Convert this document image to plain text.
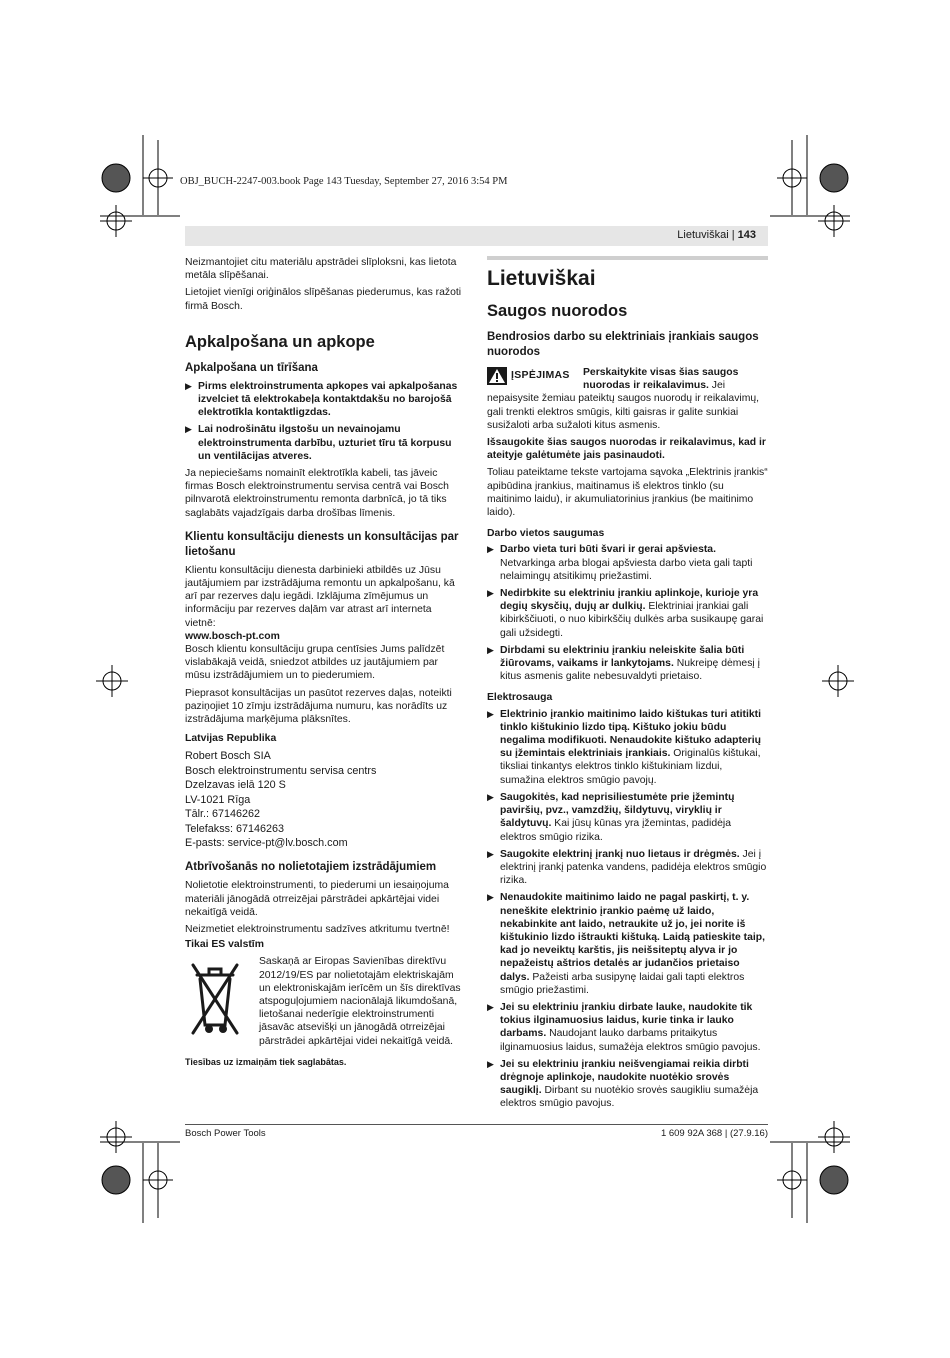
OBJ_BUCH-2247-003.book Page 143 Tuesday, September 27, 2016 3:54 PM
Lietuviškai | 143

Neizmantojiet citu materiālu apstrādei slīploksni, kas lietota metāla slīpēšanai.

Lietojiet vienīgi oriģinālos slīpēšanas piederumus, kas ražoti firmā Bosch.

Apkalpošana un apkope
Apkalpošana un tīrīšana
▶ Pirms elektroinstrumenta apkopes vai apkalpošanas izvelciet tā elektrokabeļa kontaktdakšu no barojošā elektrotīkla kontaktligzdas.
▶ Lai nodrošinātu ilgstošu un nevainojamu elektroinstrumenta darbību, uzturiet tīru tā korpusu un ventilācijas atveres.

Ja nepieciešams nomainīt elektrotīkla kabeli, tas jāveic firmas Bosch elektroinstrumentu servisa centrā vai Bosch pilnvarotā elektroinstrumentu remonta darbnīcā, jo tā tiks saglabāts vajadzīgais darba drošības līmenis.

Klientu konsultāciju dienests un konsultācijas par lietošanu

Klientu konsultāciju dienesta darbinieki atbildēs uz Jūsu jautājumiem par izstrādājuma remontu un apkalpošanu, kā arī par rezerves daļu iegādi. Izklājuma zīmējumus un informāciju par rezerves daļām var atrast arī interneta vietnē:

www.bosch-pt.com

Bosch klientu konsultāciju grupa centīsies Jums palīdzēt vislabākajā veidā, sniedzot atbildes uz jautājumiem par mūsu izstrādājumiem un to piederumiem.

Pieprasot konsultācijas un pasūtot rezerves daļas, noteikti paziņojiet 10 zīmju izstrādājuma numuru, kas norādīts uz izstrādājuma marķējuma plāksnītes.

Latvijas Republika
Robert Bosch SIA
Bosch elektroinstrumentu servisa centrs
Dzelzavas ielā 120 S
LV-1021 Rīga
Tālr.: 67146262
Telefakss: 67146263
E-pasts: service-pt@lv.bosch.com
Atbrīvošanās no nolietotajiem izstrādājumiem

Nolietotie elektroinstrumenti, to piederumi un iesaiņojuma materiāli jānogādā otrreizējai pārstrādei apkārtējai videi nekaitīgā veidā.

Neizmetiet elektroinstrumentu sadzīves atkritumu tvertnē!

Tikai ES valstīm

Saskaņā ar Eiropas Savienības direktīvu 2012/19/ES par nolietotajām elektriskajām un elektroniskajām ierīcēm un šīs direktīvas atspoguļojumiem nacionālajā likumdošanā, lietošanai nederīgie elektroinstrumenti jāsavāc atsevišķi un jānogādā otrreizējai pārstrādei apkārtējai videi nekaitīgā veidā.

Tiesības uz izmaiņām tiek saglabātas.

Lietuviškai
Saugos nuorodos
Bendrosios darbo su elektriniais įrankiais saugos nuorodos
ĮSPĖJIMAS	Perskaitykite visas šias saugos nuorodas ir reikalavimus. Jei nepaisysite žemiau pateiktų saugos nuorodų ir reikalavimų, gali trenkti elektros smūgis, kilti gaisras ir galite sunkiai susižaloti arba sužaloti kitus asmenis.

Išsaugokite šias saugos nuorodas ir reikalavimus, kad ir ateityje galėtumėte jais pasinaudoti.

Toliau pateiktame tekste vartojama sąvoka „Elektrinis įrankis“ apibūdina įrankius, maitinamus iš elektros tinklo (su maitinimo laidu), ir akumuliatorinius įrankius (be maitinimo laido).

Darbo vietos saugumas
▶ Darbo vieta turi būti švari ir gerai apšviesta. Netvarkinga arba blogai apšviesta darbo vieta gali tapti nelaimingų atsitikimų priežastimi.
▶ Nedirbkite su elektriniu įrankiu aplinkoje, kurioje yra degių skysčių, dujų ar dulkių. Elektriniai įrankiai gali kibirkščiuoti, o nuo kibirkščių dulkės arba susikaupę garai gali užsidegti.
▶ Dirbdami su elektriniu įrankiu neleiskite šalia būti žiūrovams, vaikams ir lankytojams. Nukreipę dėmesį į kitus asmenis galite nebesuvaldyti prietaiso.
Elektrosauga
▶ Elektrinio įrankio maitinimo laido kištukas turi atitikti tinklo kištukinio lizdo tipą. Kištuko jokiu būdu negalima modifikuoti. Nenaudokite kištuko adapterių su įžemintais elektriniais įrankiais. Originalūs kištukai, tiksliai tinkantys elektros tinklo kištukiniam lizdui, sumažina elektros smūgio pavojų.
▶ Saugokitės, kad neprisiliestumėte prie įžemintų paviršių, pvz., vamzdžių, šildytuvų, viryklių ir šaldytuvų. Kai jūsų kūnas yra įžemintas, padidėja elektros smūgio rizika.
▶ Saugokite elektrinį įrankį nuo lietaus ir drėgmės. Jei į elektrinį įrankį patenka vandens, padidėja elektros smūgio rizika.
▶ Nenaudokite maitinimo laido ne pagal paskirtį, t. y. neneškite elektrinio įrankio paėmę už laido, nekabinkite ant laido, netraukite už jo, jei norite iš kištukinio lizdo ištraukti kištuką. Laidą patieskite taip, kad jo neveiktų karštis, jis neišsiteptų alyva ir jo nepažeistų aštrios detalės ar judančios prietaiso dalys. Pažeisti arba susipynę laidai gali tapti elektros smūgio priežastimi.
▶ Jei su elektriniu įrankiu dirbate lauke, naudokite tik tokius ilginamuosius laidus, kurie tinka ir lauko darbams. Naudojant lauko darbams pritaikytus ilginamuosius laidus, sumažėja elektros smūgio pavojus.
▶ Jei su elektriniu įrankiu neišvengiamai reikia dirbti drėgnoje aplinkoje, naudokite nuotėkio srovės saugiklį. Dirbant su nuotėkio srovės saugikliu sumažėja elektros smūgio pavojus.
Bosch Power Tools	1 609 92A 368 | (27.9.16)
